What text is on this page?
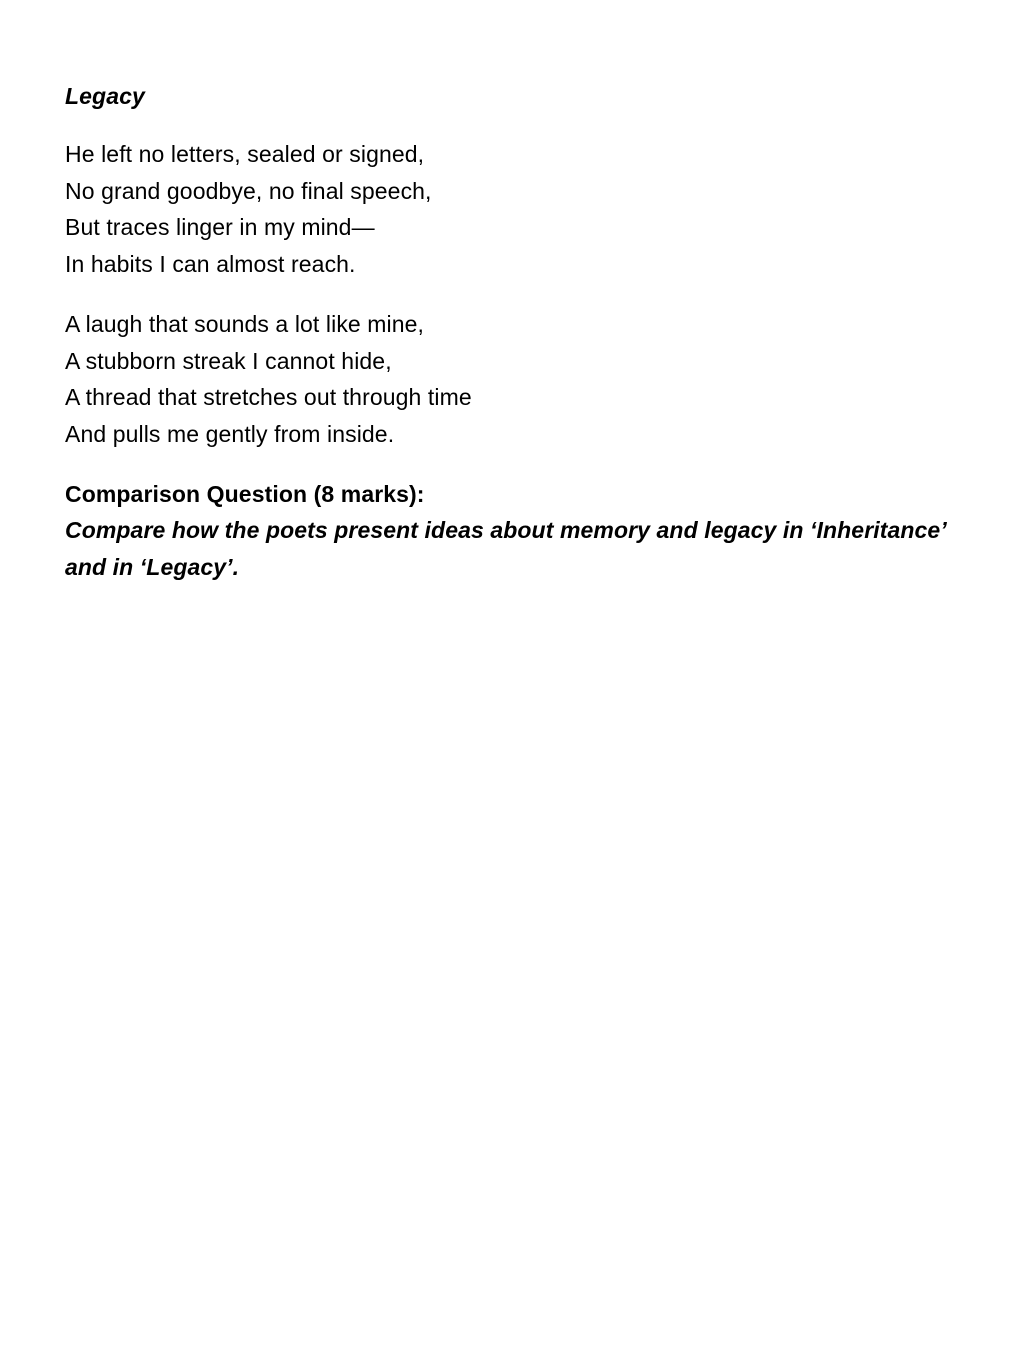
Legacy
He left no letters, sealed or signed,
No grand goodbye, no final speech,
But traces linger in my mind—
In habits I can almost reach.
A laugh that sounds a lot like mine,
A stubborn streak I cannot hide,
A thread that stretches out through time
And pulls me gently from inside.
Comparison Question (8 marks):
Compare how the poets present ideas about memory and legacy in ‘Inheritance’ and in ‘Legacy’.
